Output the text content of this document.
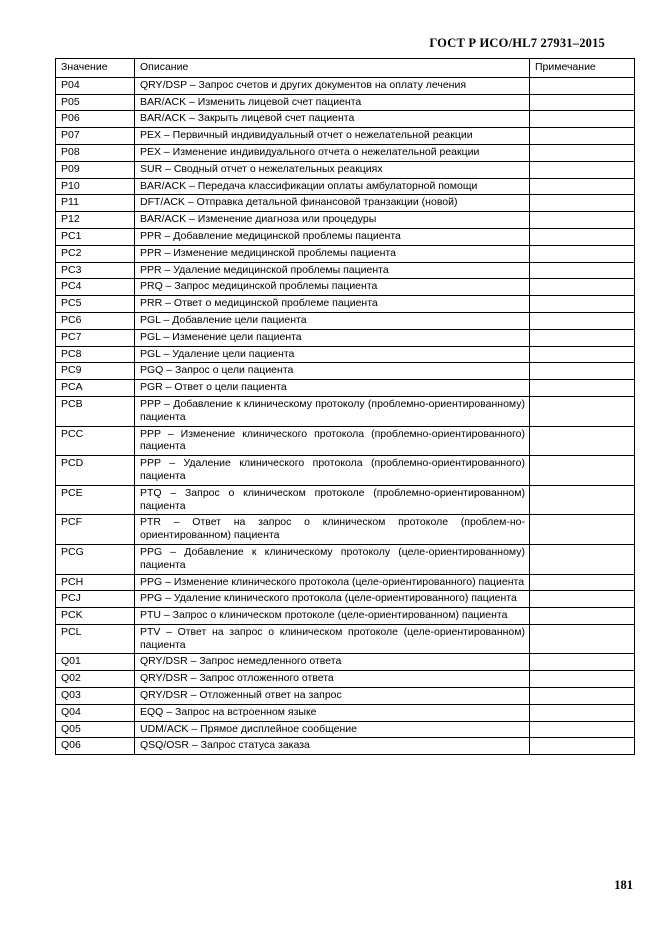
ГОСТ Р ИСО/HL7 27931–2015
Значение	Описание	Примечание
P04	QRY/DSP – Запрос счетов и других документов на оплату лечения	
P05	BAR/ACK – Изменить лицевой счет пациента	
P06	BAR/ACK – Закрыть лицевой счет пациента	
P07	PEX – Первичный индивидуальный отчет о нежелательной реакции	
P08	PEX – Изменение индивидуального отчета о нежелательной реакции	
P09	SUR – Сводный отчет о нежелательных реакциях	
P10	BAR/ACK – Передача классификации оплаты амбулаторной помощи	
P11	DFT/ACK – Отправка детальной финансовой транзакции (новой)	
P12	BAR/ACK – Изменение диагноза или процедуры	
PC1	PPR – Добавление медицинской проблемы пациента	
PC2	PPR – Изменение медицинской проблемы пациента	
PC3	PPR – Удаление медицинской проблемы пациента	
PC4	PRQ – Запрос медицинской проблемы пациента	
PC5	PRR – Ответ о медицинской проблеме пациента	
PC6	PGL – Добавление цели пациента	
PC7	PGL – Изменение цели пациента	
PC8	PGL – Удаление цели пациента	
PC9	PGQ – Запрос о цели пациента	
PCA	PGR – Ответ о цели пациента	
PCB	PPP – Добавление к клиническому протоколу (проблемно-ориентированному) пациента	
PCC	PPP – Изменение клинического протокола (проблемно-ориентированного) пациента	
PCD	PPP – Удаление клинического протокола (проблемно-ориентированного) пациента	
PCE	PTQ – Запрос о клиническом протоколе (проблемно-ориентированном) пациента	
PCF	PTR – Ответ на запрос о клиническом протоколе (проблем-но-ориентированном) пациента	
PCG	PPG – Добавление к клиническому протоколу (целе-ориентированному) пациента	
PCH	PPG – Изменение клинического протокола (целе-ориентированного) пациента	
PCJ	PPG – Удаление клинического протокола (целе-ориентированного) пациента	
PCK	PTU – Запрос о клиническом протоколе (целе-ориентированном) пациента	
PCL	PTV – Ответ на запрос о клиническом протоколе (целе-ориентированном) пациента	
Q01	QRY/DSR – Запрос немедленного ответа	
Q02	QRY/DSR – Запрос отложенного ответа	
Q03	QRY/DSR – Отложенный ответ на запрос	
Q04	EQQ – Запрос на встроенном языке	
Q05	UDM/ACK – Прямое дисплейное сообщение	
Q06	QSQ/OSR – Запрос статуса заказа	
181
